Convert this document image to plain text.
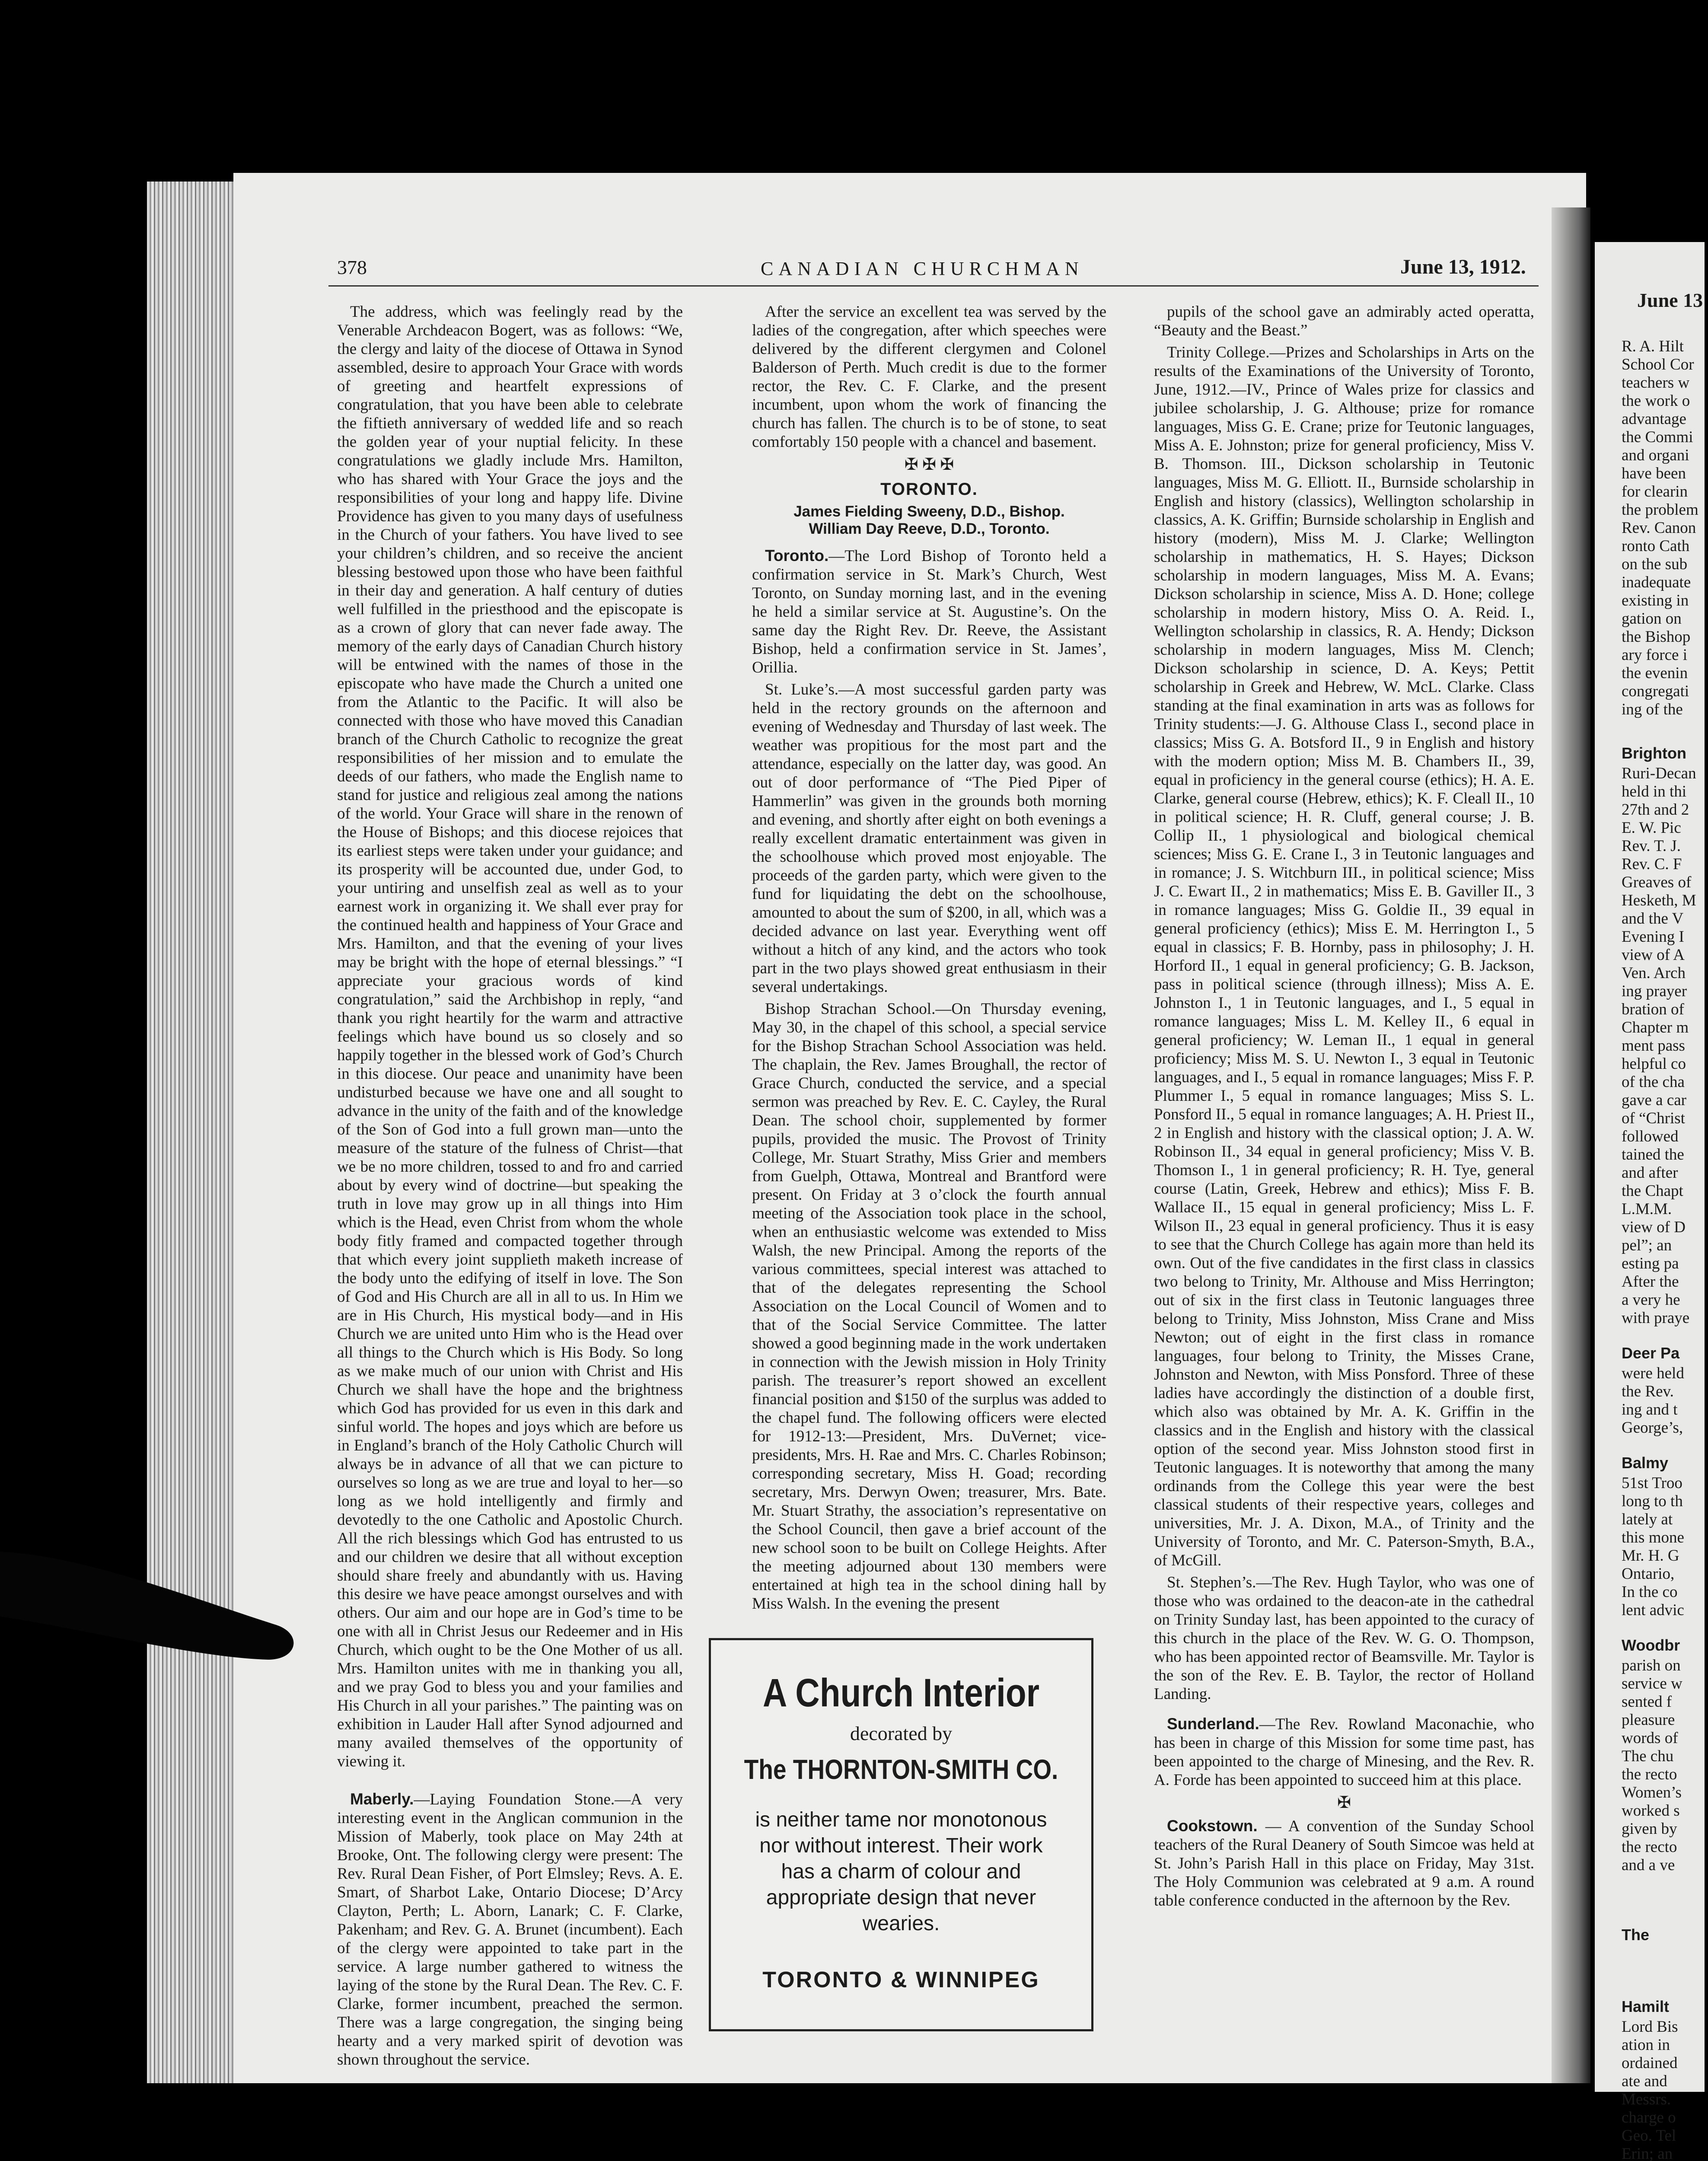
378	CANADIAN CHURCHMAN	June 13, 1912.

The address, which was feelingly read by the Venerable Archdeacon Bogert, was as follows: “We, the clergy and laity of the diocese of Ottawa in Synod assembled, desire to approach Your Grace with words of greeting and heartfelt expressions of congratulation, that you have been able to celebrate the fiftieth anniversary of wedded life and so reach the golden year of your nuptial felicity. In these congratulations we gladly include Mrs. Hamilton, who has shared with Your Grace the joys and the responsibilities of your long and happy life. Divine Providence has given to you many days of usefulness in the Church of your fathers. You have lived to see your children’s children, and so receive the ancient blessing bestowed upon those who have been faithful in their day and generation. A half century of duties well fulfilled in the priesthood and the episcopate is as a crown of glory that can never fade away. The memory of the early days of Canadian Church history will be entwined with the names of those in the episcopate who have made the Church a united one from the Atlantic to the Pacific. It will also be connected with those who have moved this Canadian branch of the Church Catholic to recognize the great responsibilities of her mission and to emulate the deeds of our fathers, who made the English name to stand for justice and religious zeal among the nations of the world. Your Grace will share in the renown of the House of Bishops; and this diocese rejoices that its earliest steps were taken under your guidance; and its prosperity will be accounted due, under God, to your untiring and unselfish zeal as well as to your earnest work in organizing it. We shall ever pray for the continued health and happiness of Your Grace and Mrs. Hamilton, and that the evening of your lives may be bright with the hope of eternal blessings.” “I appreciate your gracious words of kind congratulation,” said the Archbishop in reply, “and thank you right heartily for the warm and attractive feelings which have bound us so closely and so happily together in the blessed work of God’s Church in this diocese. Our peace and unanimity have been undisturbed because we have one and all sought to advance in the unity of the faith and of the knowledge of the Son of God into a full grown man—unto the measure of the stature of the fulness of Christ—that we be no more children, tossed to and fro and carried about by every wind of doctrine—but speaking the truth in love may grow up in all things into Him which is the Head, even Christ from whom the whole body fitly framed and compacted together through that which every joint supplieth maketh increase of the body unto the edifying of itself in love. The Son of God and His Church are all in all to us. In Him we are in His Church, His mystical body—and in His Church we are united unto Him who is the Head over all things to the Church which is His Body. So long as we make much of our union with Christ and His Church we shall have the hope and the brightness which God has provided for us even in this dark and sinful world. The hopes and joys which are before us in England’s branch of the Holy Catholic Church will always be in advance of all that we can picture to ourselves so long as we are true and loyal to her—so long as we hold intelligently and firmly and devotedly to the one Catholic and Apostolic Church. All the rich blessings which God has entrusted to us and our children we desire that all without exception should share freely and abundantly with us. Having this desire we have peace amongst ourselves and with others. Our aim and our hope are in God’s time to be one with all in Christ Jesus our Redeemer and in His Church, which ought to be the One Mother of us all. Mrs. Hamilton unites with me in thanking you all, and we pray God to bless you and your families and His Church in all your parishes.” The painting was on exhibition in Lauder Hall after Synod adjourned and many availed themselves of the opportunity of viewing it.

Maberly.—Laying Foundation Stone.—A very interesting event in the Anglican communion in the Mission of Maberly, took place on May 24th at Brooke, Ont. The following clergy were present: The Rev. Rural Dean Fisher, of Port Elmsley; Revs. A. E. Smart, of Sharbot Lake, Ontario Diocese; D’Arcy Clayton, Perth; L. Aborn, Lanark; C. F. Clarke, Pakenham; and Rev. G. A. Brunet (incumbent). Each of the clergy were appointed to take part in the service. A large number gathered to witness the laying of the stone by the Rural Dean. The Rev. C. F. Clarke, former incumbent, preached the sermon. There was a large congregation, the singing being hearty and a very marked spirit of devotion was shown throughout the service.

After the service an excellent tea was served by the ladies of the congregation, after which speeches were delivered by the different clergymen and Colonel Balderson of Perth. Much credit is due to the former rector, the Rev. C. F. Clarke, and the present incumbent, upon whom the work of financing the church has fallen. The church is to be of stone, to seat comfortably 150 people with a chancel and basement.

✠ ✠ ✠
TORONTO.
James Fielding Sweeny, D.D., Bishop.
William Day Reeve, D.D., Toronto.

Toronto.—The Lord Bishop of Toronto held a confirmation service in St. Mark’s Church, West Toronto, on Sunday morning last, and in the evening he held a similar service at St. Augustine’s. On the same day the Right Rev. Dr. Reeve, the Assistant Bishop, held a confirmation service in St. James’, Orillia.

St. Luke’s.—A most successful garden party was held in the rectory grounds on the afternoon and evening of Wednesday and Thursday of last week. The weather was propitious for the most part and the attendance, especially on the latter day, was good. An out of door performance of “The Pied Piper of Hammerlin” was given in the grounds both morning and evening, and shortly after eight on both evenings a really excellent dramatic entertainment was given in the schoolhouse which proved most enjoyable. The proceeds of the garden party, which were given to the fund for liquidating the debt on the schoolhouse, amounted to about the sum of $200, in all, which was a decided advance on last year. Everything went off without a hitch of any kind, and the actors who took part in the two plays showed great enthusiasm in their several undertakings.

Bishop Strachan School.—On Thursday evening, May 30, in the chapel of this school, a special service for the Bishop Strachan School Association was held. The chaplain, the Rev. James Broughall, the rector of Grace Church, conducted the service, and a special sermon was preached by Rev. E. C. Cayley, the Rural Dean. The school choir, supplemented by former pupils, provided the music. The Provost of Trinity College, Mr. Stuart Strathy, Miss Grier and members from Guelph, Ottawa, Montreal and Brantford were present. On Friday at 3 o’clock the fourth annual meeting of the Association took place in the school, when an enthusiastic welcome was extended to Miss Walsh, the new Principal. Among the reports of the various committees, special interest was attached to that of the delegates representing the School Association on the Local Council of Women and to that of the Social Service Committee. The latter showed a good beginning made in the work undertaken in connection with the Jewish mission in Holy Trinity parish. The treasurer’s report showed an excellent financial position and $150 of the surplus was added to the chapel fund. The following officers were elected for 1912-13:—President, Mrs. DuVernet; vice-presidents, Mrs. H. Rae and Mrs. C. Charles Robinson; corresponding secretary, Miss H. Goad; recording secretary, Mrs. Derwyn Owen; treasurer, Mrs. Bate. Mr. Stuart Strathy, the association’s representative on the School Council, then gave a brief account of the new school soon to be built on College Heights. After the meeting adjourned about 130 members were entertained at high tea in the school dining hall by Miss Walsh. In the evening the present

A Church Interior
decorated by
The THORNTON-SMITH CO.
is neither tame nor monotonous nor without interest. Their work has a charm of colour and appropriate design that never wearies.
TORONTO & WINNIPEG

pupils of the school gave an admirably acted operatta, “Beauty and the Beast.”

Trinity College.—Prizes and Scholarships in Arts on the results of the Examinations of the University of Toronto, June, 1912.—IV., Prince of Wales prize for classics and jubilee scholarship, J. G. Althouse; prize for romance languages, Miss G. E. Crane; prize for Teutonic languages, Miss A. E. Johnston; prize for general proficiency, Miss V. B. Thomson. III., Dickson scholarship in Teutonic languages, Miss M. G. Elliott. II., Burnside scholarship in English and history (classics), Wellington scholarship in classics, A. K. Griffin; Burnside scholarship in English and history (modern), Miss M. J. Clarke; Wellington scholarship in mathematics, H. S. Hayes; Dickson scholarship in modern languages, Miss M. A. Evans; Dickson scholarship in science, Miss A. D. Hone; college scholarship in modern history, Miss O. A. Reid. I., Wellington scholarship in classics, R. A. Hendy; Dickson scholarship in modern languages, Miss M. Clench; Dickson scholarship in science, D. A. Keys; Pettit scholarship in Greek and Hebrew, W. McL. Clarke. Class standing at the final examination in arts was as follows for Trinity students:—J. G. Althouse Class I., second place in classics; Miss G. A. Botsford II., 9 in English and history with the modern option; Miss M. B. Chambers II., 39, equal in proficiency in the general course (ethics); H. A. E. Clarke, general course (Hebrew, ethics); K. F. Cleall II., 10 in political science; H. R. Cluff, general course; J. B. Collip II., 1 physiological and biological chemical sciences; Miss G. E. Crane I., 3 in Teutonic languages and in romance; J. S. Witchburn III., in political science; Miss J. C. Ewart II., 2 in mathematics; Miss E. B. Gaviller II., 3 in romance languages; Miss G. Goldie II., 39 equal in general proficiency (ethics); Miss E. M. Herrington I., 5 equal in classics; F. B. Hornby, pass in philosophy; J. H. Horford II., 1 equal in general proficiency; G. B. Jackson, pass in political science (through illness); Miss A. E. Johnston I., 1 in Teutonic languages, and I., 5 equal in romance languages; Miss L. M. Kelley II., 6 equal in general proficiency; W. Leman II., 1 equal in general proficiency; Miss M. S. U. Newton I., 3 equal in Teutonic languages, and I., 5 equal in romance languages; Miss F. P. Plummer I., 5 equal in romance languages; Miss S. L. Ponsford II., 5 equal in romance languages; A. H. Priest II., 2 in English and history with the classical option; J. A. W. Robinson II., 34 equal in general proficiency; Miss V. B. Thomson I., 1 in general proficiency; R. H. Tye, general course (Latin, Greek, Hebrew and ethics); Miss F. B. Wallace II., 15 equal in general proficiency; Miss L. F. Wilson II., 23 equal in general proficiency. Thus it is easy to see that the Church College has again more than held its own. Out of the five candidates in the first class in classics two belong to Trinity, Mr. Althouse and Miss Herrington; out of six in the first class in Teutonic languages three belong to Trinity, Miss Johnston, Miss Crane and Miss Newton; out of eight in the first class in romance languages, four belong to Trinity, the Misses Crane, Johnston and Newton, with Miss Ponsford. Three of these ladies have accordingly the distinction of a double first, which also was obtained by Mr. A. K. Griffin in the classics and in the English and history with the classical option of the second year. Miss Johnston stood first in Teutonic languages. It is noteworthy that among the many ordinands from the College this year were the best classical students of their respective years, colleges and universities, Mr. J. A. Dixon, M.A., of Trinity and the University of Toronto, and Mr. C. Paterson-Smyth, B.A., of McGill.

St. Stephen’s.—The Rev. Hugh Taylor, who was one of those who was ordained to the deacon-ate in the cathedral on Trinity Sunday last, has been appointed to the curacy of this church in the place of the Rev. W. G. O. Thompson, who has been appointed rector of Beamsville. Mr. Taylor is the son of the Rev. E. B. Taylor, the rector of Holland Landing.

Sunderland.—The Rev. Rowland Maconachie, who has been in charge of this Mission for some time past, has been appointed to the charge of Minesing, and the Rev. R. A. Forde has been appointed to succeed him at this place.

✠

Cookstown. — A convention of the Sunday School teachers of the Rural Deanery of South Simcoe was held at St. John’s Parish Hall in this place on Friday, May 31st. The Holy Communion was celebrated at 9 a.m. A round table conference conducted in the afternoon by the Rev.

June 13
R. A. Hilt
School Cor
teachers w
the work o
advantage
the Commi
and organi
have been
for clearin
the problem
Rev. Canon
ronto Cath
on the sub
inadequate
existing in
gation on
the Bishop
ary force i
the evenin
congregati
ing of the
Brighton
Ruri-Decan
held in thi
27th and 2
E. W. Pic
Rev. T. J.
Rev. C. F
Greaves of
Hesketh, M
and the V
Evening I
view of A
Ven. Arch
ing prayer
bration of
Chapter m
ment pass
helpful co
of the cha
gave a car
of “Christ
followed
tained the
and after
the Chapt
L.M.M.
view of D
pel”; an
esting pa
After the
a very he
with praye
Deer Pa
were held
the Rev.
ing and t
George’s,
Balmy
51st Troo
long to th
lately at
this mone
Mr. H. G
Ontario,
In the co
lent advic
Woodbr
parish on
service w
sented f
pleasure
words of
The chu
the recto
Women’s
worked s
given by
the recto
and a ve
The
Hamilt
Lord Bis
ation in
ordained
ate and
Messrs.
charge o
Geo. Tel
Erin; an
